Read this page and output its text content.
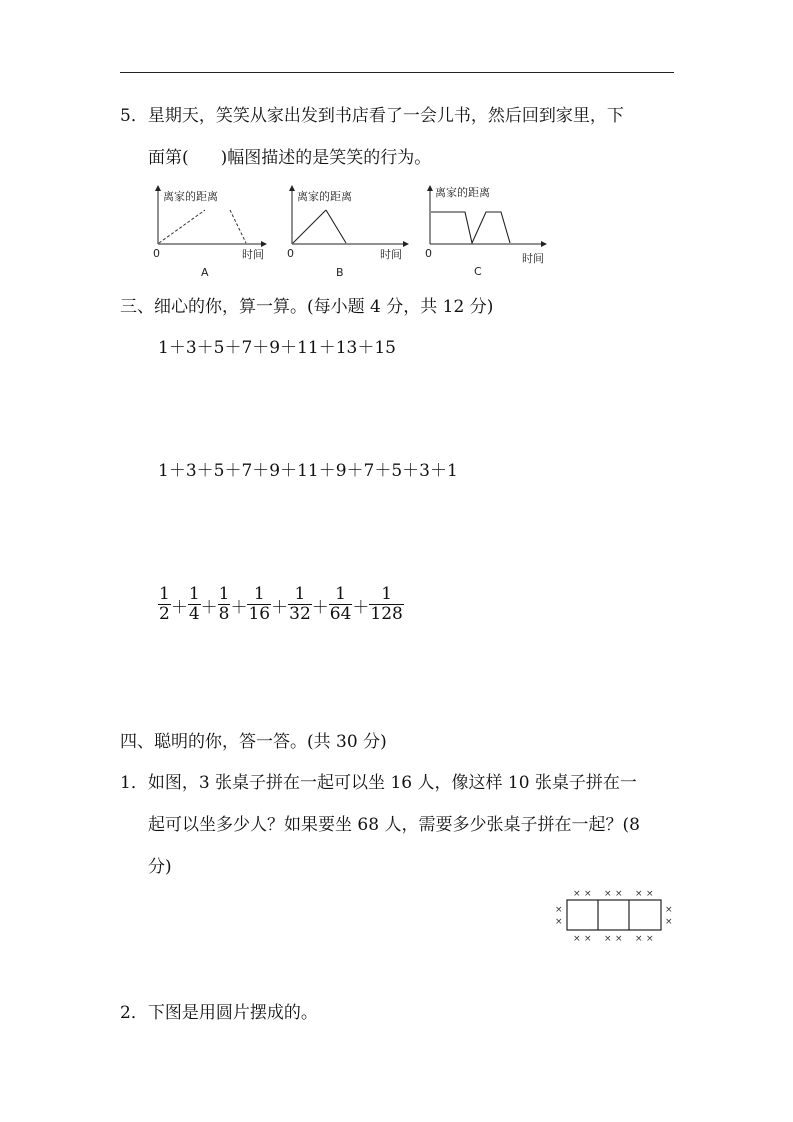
5．星期天，笑笑从家出发到书店看了一会儿书，然后回到家里，下
面第( )幅图描述的是笑笑的行为。
离家的距离
0	时间
A
离家的距离
0	时间
B
离家的距离
0	时间
C
三、细心的你，算一算。(每小题 4 分，共 12 分)
1＋3＋5＋7＋9＋11＋13＋15
1＋3＋5＋7＋9＋11＋9＋7＋5＋3＋1
$\frac{1}{2} + \frac{1}{4} + \frac{1}{8} + \frac{1}{16} + \frac{1}{32} + \frac{1}{64} + \frac{1}{128}$
四、聪明的你，答一答。(共 30 分)
1．如图，3 张桌子拼在一起可以坐 16 人，像这样 10 张桌子拼在一
起可以坐多少人？如果要坐 68 人，需要多少张桌子拼在一起？(8
分)
× × × × × ×
× × × × × ×
×
×
×
×
2．下图是用圆片摆成的。
